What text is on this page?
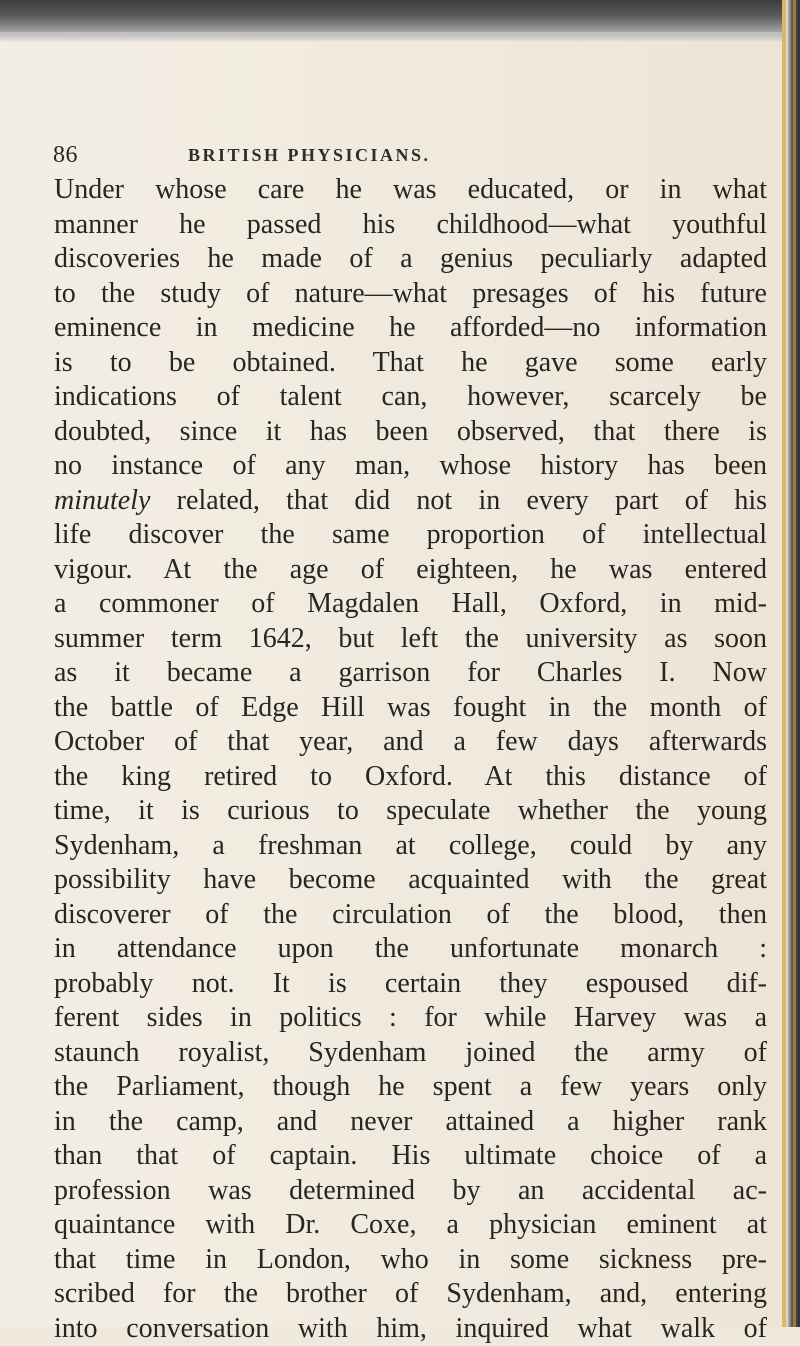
86	BRITISH PHYSICIANS.
Under whose care he was educated, or in what
manner he passed his childhood—what youthful
discoveries he made of a genius peculiarly adapted
to the study of nature—what presages of his future
eminence in medicine he afforded—no information
is to be obtained. That he gave some early
indications of talent can, however, scarcely be
doubted, since it has been observed, that there is
no instance of any man, whose history has been
minutely related, that did not in every part of his
life discover the same proportion of intellectual
vigour. At the age of eighteen, he was entered
a commoner of Magdalen Hall, Oxford, in mid-
summer term 1642, but left the university as soon
as it became a garrison for Charles I. Now
the battle of Edge Hill was fought in the month of
October of that year, and a few days afterwards
the king retired to Oxford. At this distance of
time, it is curious to speculate whether the young
Sydenham, a freshman at college, could by any
possibility have become acquainted with the great
discoverer of the circulation of the blood, then
in attendance upon the unfortunate monarch :
probably not. It is certain they espoused dif-
ferent sides in politics : for while Harvey was a
staunch royalist, Sydenham joined the army of
the Parliament, though he spent a few years only
in the camp, and never attained a higher rank
than that of captain. His ultimate choice of a
profession was determined by an accidental ac-
quaintance with Dr. Coxe, a physician eminent at
that time in London, who in some sickness pre-
scribed for the brother of Sydenham, and, entering
into conversation with him, inquired what walk of
